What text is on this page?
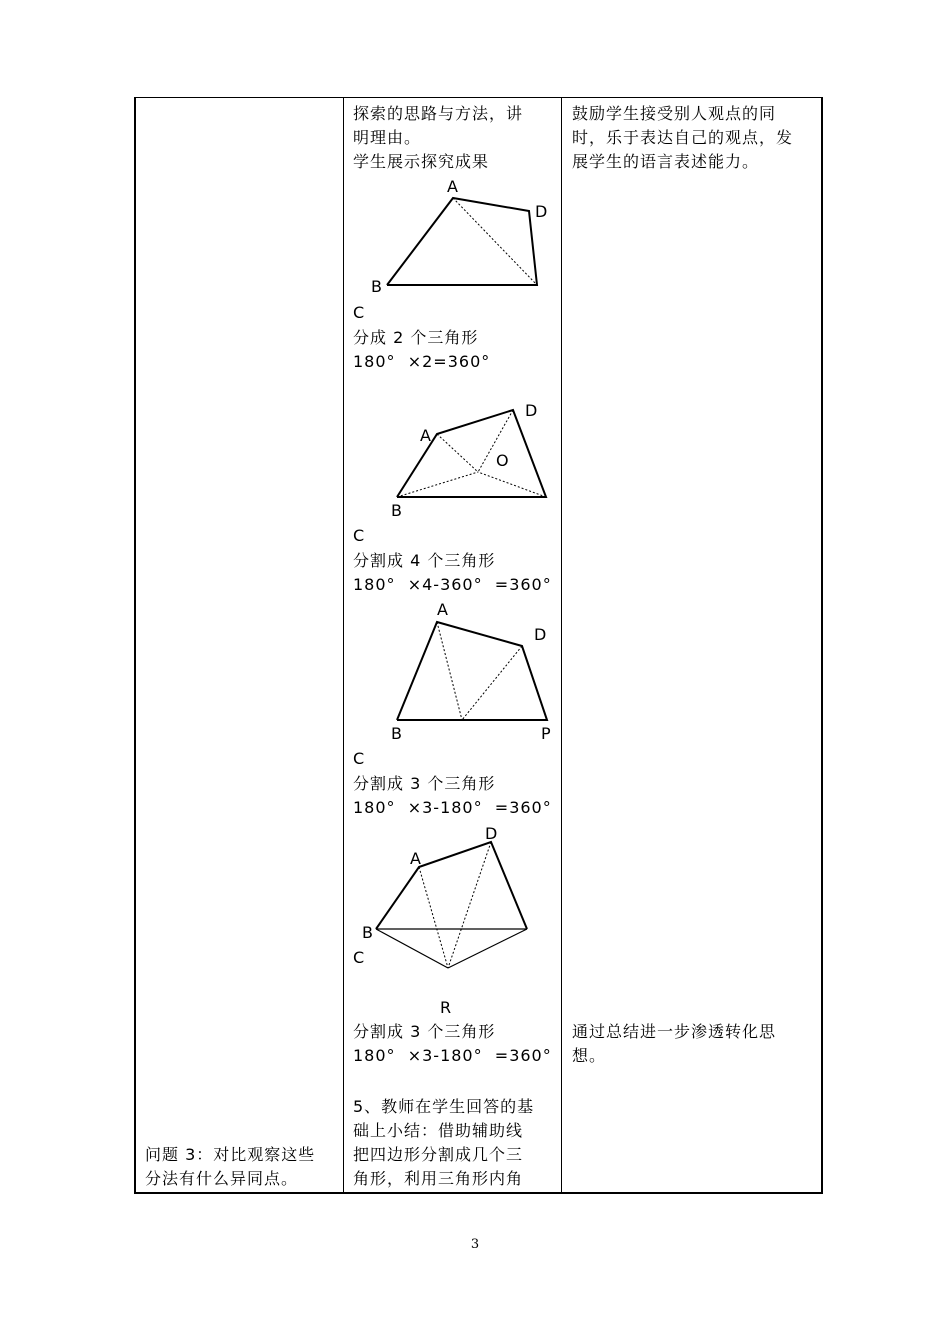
鼓励学生接受别人观点的同
时，乐于表达自己的观点，发
展学生的语言表述能力。
探索的思路与方法，讲
明理由。
学生展示探究成果
A
D
B
C
分成 2 个三角形
180°  ×2=360°
D
A
O
B
C
分割成 4 个三角形
180°  ×4-360°  =360°
A
D
B	P
C
分割成 3 个三角形
180°  ×3-180°  =360°
D
A
B
C
R
分割成 3 个三角形
180°  ×3-180°  =360°
通过总结进一步渗透转化思
想。
5、教师在学生回答的基
础上小结：借助辅助线
把四边形分割成几个三
角形，利用三角形内角
问题 3：对比观察这些
分法有什么异同点。
3
